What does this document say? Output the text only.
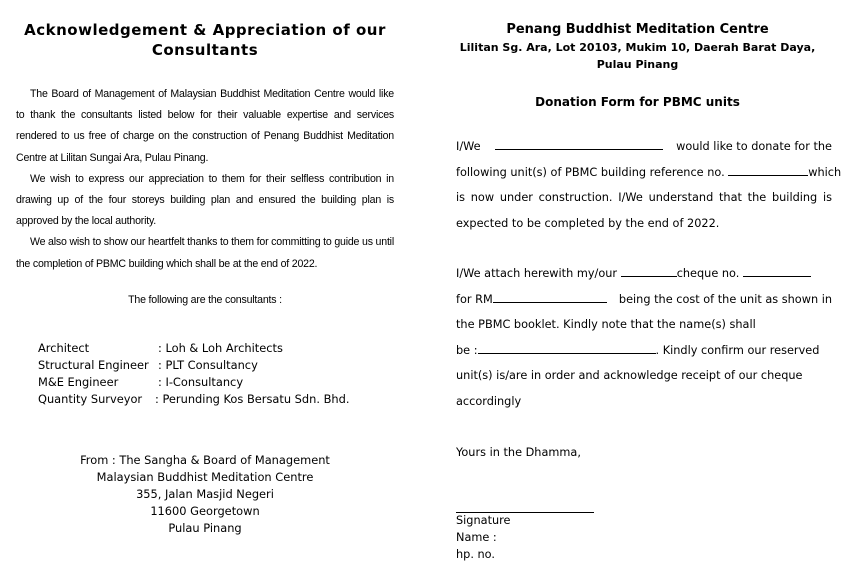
Acknowledgement & Appreciation of our
Consultants

The Board of Management of Malaysian Buddhist Meditation Centre would like to thank the consultants listed below for their valuable expertise and services rendered to us free of charge on the construction of Penang Buddhist Meditation Centre at Lilitan Sungai Ara, Pulau Pinang.

We wish to express our appreciation to them for their selfless contribution in drawing up of the four storeys building plan and ensured the building plan is approved by the local authority.

We also wish to show our heartfelt thanks to them for committing to guide us until the completion of PBMC building which shall be at the end of 2022.

The following are the consultants :
Architect	: Loh & Loh Architects
Structural Engineer : PLT Consultancy
M&E Engineer	: I-Consultancy
Quantity Surveyor : Perunding Kos Bersatu Sdn. Bhd.
From : The Sangha & Board of Management
Malaysian Buddhist Meditation Centre
355, Jalan Masjid Negeri
11600 Georgetown
Pulau Pinang
Penang Buddhist Meditation Centre
Lilitan Sg. Ara, Lot 20103, Mukim 10, Daerah Barat Daya,
Pulau Pinang
Donation Form for PBMC units
I/We	would like to donate for the
following unit(s) of PBMC building reference no.	which
is now under construction. I/We understand that the building is
expected to be completed by the end of 2022.
I/We attach herewith my/our	cheque no.
for RM	being the cost of the unit as shown in
the PBMC booklet. Kindly note that the name(s) shall
be :	. Kindly confirm our reserved
unit(s) is/are in order and acknowledge receipt of our cheque
accordingly
Yours in the Dhamma,
Signature
Name :
hp. no.
